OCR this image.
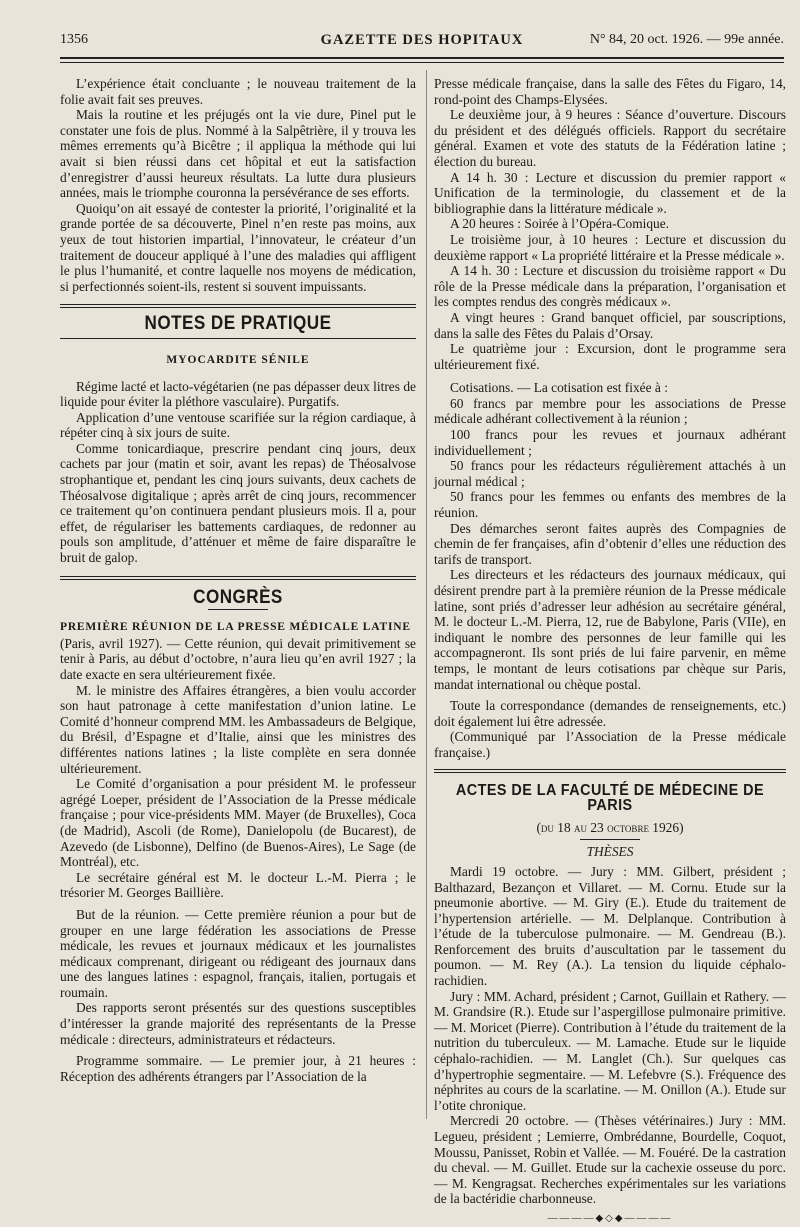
1356	GAZETTE DES HOPITAUX	N° 84, 20 oct. 1926. — 99e année.

L’expérience était concluante ; le nouveau traitement de la folie avait fait ses preuves.

Mais la routine et les préjugés ont la vie dure, Pinel put le constater une fois de plus. Nommé à la Salpêtrière, il y trouva les mêmes errements qu’à Bicêtre ; il appliqua la méthode qui lui avait si bien réussi dans cet hôpital et eut la satisfaction d’enregistrer d’aussi heureux résultats. La lutte dura plusieurs années, mais le triomphe couronna la persévérance de ses efforts.

Quoiqu’on ait essayé de contester la priorité, l’originalité et la grande portée de sa découverte, Pinel n’en reste pas moins, aux yeux de tout historien impartial, l’innovateur, le créateur d’un traitement de douceur appliqué à l’une des maladies qui affligent le plus l’humanité, et contre laquelle nos moyens de médication, si perfectionnés soient-ils, restent si souvent impuissants.

NOTES DE PRATIQUE
MYOCARDITE SÉNILE

Régime lacté et lacto-végétarien (ne pas dépasser deux litres de liquide pour éviter la pléthore vasculaire). Purgatifs.

Application d’une ventouse scarifiée sur la région cardiaque, à répéter cinq à six jours de suite.

Comme tonicardiaque, prescrire pendant cinq jours, deux cachets par jour (matin et soir, avant les repas) de Théosalvose strophantique et, pendant les cinq jours suivants, deux cachets de Théosalvose digitalique ; après arrêt de cinq jours, recommencer ce traitement qu’on continuera pendant plusieurs mois. Il a, pour effet, de régulariser les battements cardiaques, de redonner au pouls son amplitude, d’atténuer et même de faire disparaître le bruit de galop.

CONGRÈS
PREMIÈRE RÉUNION DE LA PRESSE MÉDICALE LATINE

(Paris, avril 1927). — Cette réunion, qui devait primitivement se tenir à Paris, au début d’octobre, n’aura lieu qu’en avril 1927 ; la date exacte en sera ultérieurement fixée.

M. le ministre des Affaires étrangères, a bien voulu accorder son haut patronage à cette manifestation d’union latine. Le Comité d’honneur comprend MM. les Ambassadeurs de Belgique, du Brésil, d’Espagne et d’Italie, ainsi que les ministres des différentes nations latines ; la liste complète en sera donnée ultérieurement.

Le Comité d’organisation a pour président M. le professeur agrégé Loeper, président de l’Association de la Presse médicale française ; pour vice-présidents MM. Mayer (de Bruxelles), Coca (de Madrid), Ascoli (de Rome), Danielopolu (de Bucarest), de Azevedo (de Lisbonne), Delfino (de Buenos-Aires), Le Sage (de Montréal), etc.

Le secrétaire général est M. le docteur L.-M. Pierra ; le trésorier M. Georges Baillière.

But de la réunion. — Cette première réunion a pour but de grouper en une large fédération les associations de Presse médicale, les revues et journaux médicaux et les journalistes médicaux comprenant, dirigeant ou rédigeant des journaux dans une des langues latines : espagnol, français, italien, portugais et roumain.

Des rapports seront présentés sur des questions susceptibles d’intéresser la grande majorité des représentants de la Presse médicale : directeurs, administrateurs et rédacteurs.

Programme sommaire. — Le premier jour, à 21 heures : Réception des adhérents étrangers par l’Association de la

Presse médicale française, dans la salle des Fêtes du Figaro, 14, rond-point des Champs-Elysées.

Le deuxième jour, à 9 heures : Séance d’ouverture. Discours du président et des délégués officiels. Rapport du secrétaire général. Examen et vote des statuts de la Fédération latine ; élection du bureau.

A 14 h. 30 : Lecture et discussion du premier rapport « Unification de la terminologie, du classement et de la bibliographie dans la littérature médicale ».

A 20 heures : Soirée à l’Opéra-Comique.

Le troisième jour, à 10 heures : Lecture et discussion du deuxième rapport « La propriété littéraire et la Presse médicale ».

A 14 h. 30 : Lecture et discussion du troisième rapport « Du rôle de la Presse médicale dans la préparation, l’organisation et les comptes rendus des congrès médicaux ».

A vingt heures : Grand banquet officiel, par souscriptions, dans la salle des Fêtes du Palais d’Orsay.

Le quatrième jour : Excursion, dont le programme sera ultérieurement fixé.

Cotisations. — La cotisation est fixée à :

60 francs par membre pour les associations de Presse médicale adhérant collectivement à la réunion ;

100 francs pour les revues et journaux adhérant individuellement ;

50 francs pour les rédacteurs régulièrement attachés à un journal médical ;

50 francs pour les femmes ou enfants des membres de la réunion.

Des démarches seront faites auprès des Compagnies de chemin de fer françaises, afin d’obtenir d’elles une réduction des tarifs de transport.

Les directeurs et les rédacteurs des journaux médicaux, qui désirent prendre part à la première réunion de la Presse médicale latine, sont priés d’adresser leur adhésion au secrétaire général, M. le docteur L.-M. Pierra, 12, rue de Babylone, Paris (VIIe), en indiquant le nombre des personnes de leur famille qui les accompagneront. Ils sont priés de lui faire parvenir, en même temps, le montant de leurs cotisations par chèque sur Paris, mandat international ou chèque postal.

Toute la correspondance (demandes de renseignements, etc.) doit également lui être adressée.

(Communiqué par l’Association de la Presse médicale française.)

ACTES DE LA FACULTÉ DE MÉDECINE DE PARIS
(du 18 au 23 octobre 1926)
THÈSES

Mardi 19 octobre. — Jury : MM. Gilbert, président ; Balthazard, Bezançon et Villaret. — M. Cornu. Etude sur la pneumonie abortive. — M. Giry (E.). Etude du traitement de l’hypertension artérielle. — M. Delplanque. Contribution à l’étude de la tuberculose pulmonaire. — M. Gendreau (B.). Renforcement des bruits d’auscultation par le tassement du poumon. — M. Rey (A.). La tension du liquide céphalo-rachidien.

Jury : MM. Achard, président ; Carnot, Guillain et Rathery. — M. Grandsire (R.). Etude sur l’aspergillose pulmonaire primitive. — M. Moricet (Pierre). Contribution à l’étude du traitement de la nutrition du tuberculeux. — M. Lamache. Etude sur le liquide céphalo-rachidien. — M. Langlet (Ch.). Sur quelques cas d’hypertrophie segmentaire. — M. Lefebvre (S.). Fréquence des néphrites au cours de la scarlatine. — M. Onillon (A.). Etude sur l’otite chronique.

Mercredi 20 octobre. — (Thèses vétérinaires.) Jury : MM. Legueu, président ; Lemierre, Ombrédanne, Bourdelle, Coquot, Moussu, Panisset, Robin et Vallée. — M. Fouéré. De la castration du cheval. — M. Guillet. Etude sur la cachexie osseuse du porc. — M. Kengragsat. Recherches expérimentales sur les variations de la bactéridie charbonneuse.

————◆◇◆————
